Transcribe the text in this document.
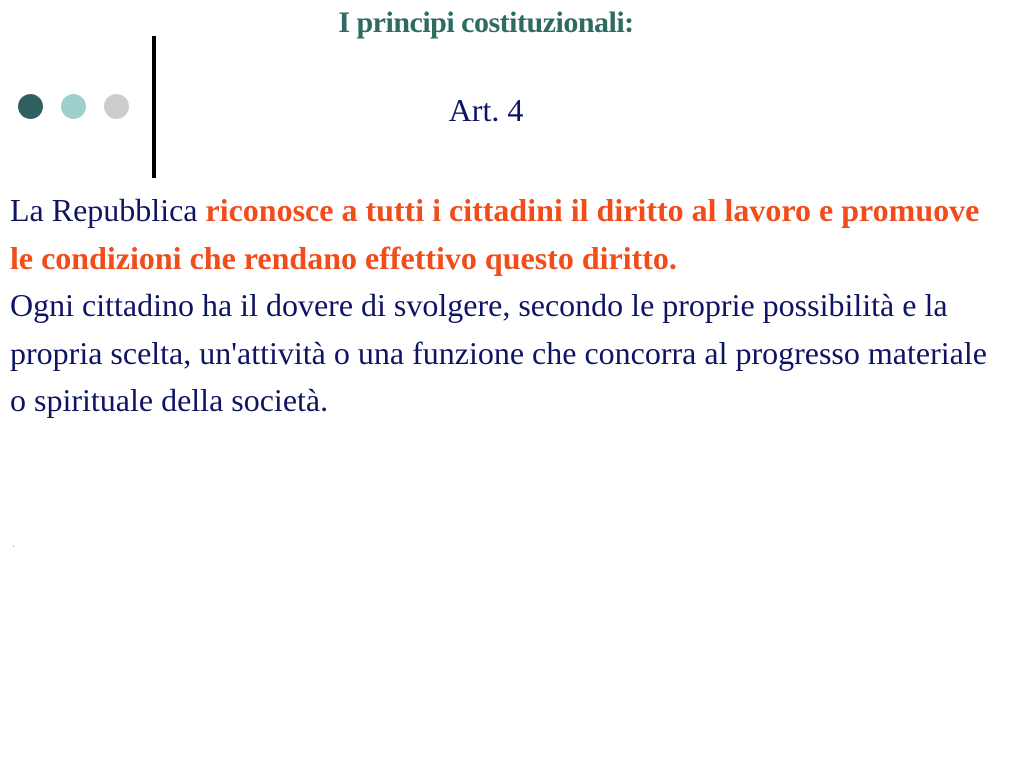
I principi costituzionali:
Art. 4
La Repubblica riconosce a tutti i cittadini il diritto al lavoro e promuove le condizioni che rendano effettivo questo diritto.
Ogni cittadino ha il dovere di svolgere, secondo le proprie possibilità e la propria scelta, un'attività o una funzione che concorra al progresso materiale o spirituale della società.
.
